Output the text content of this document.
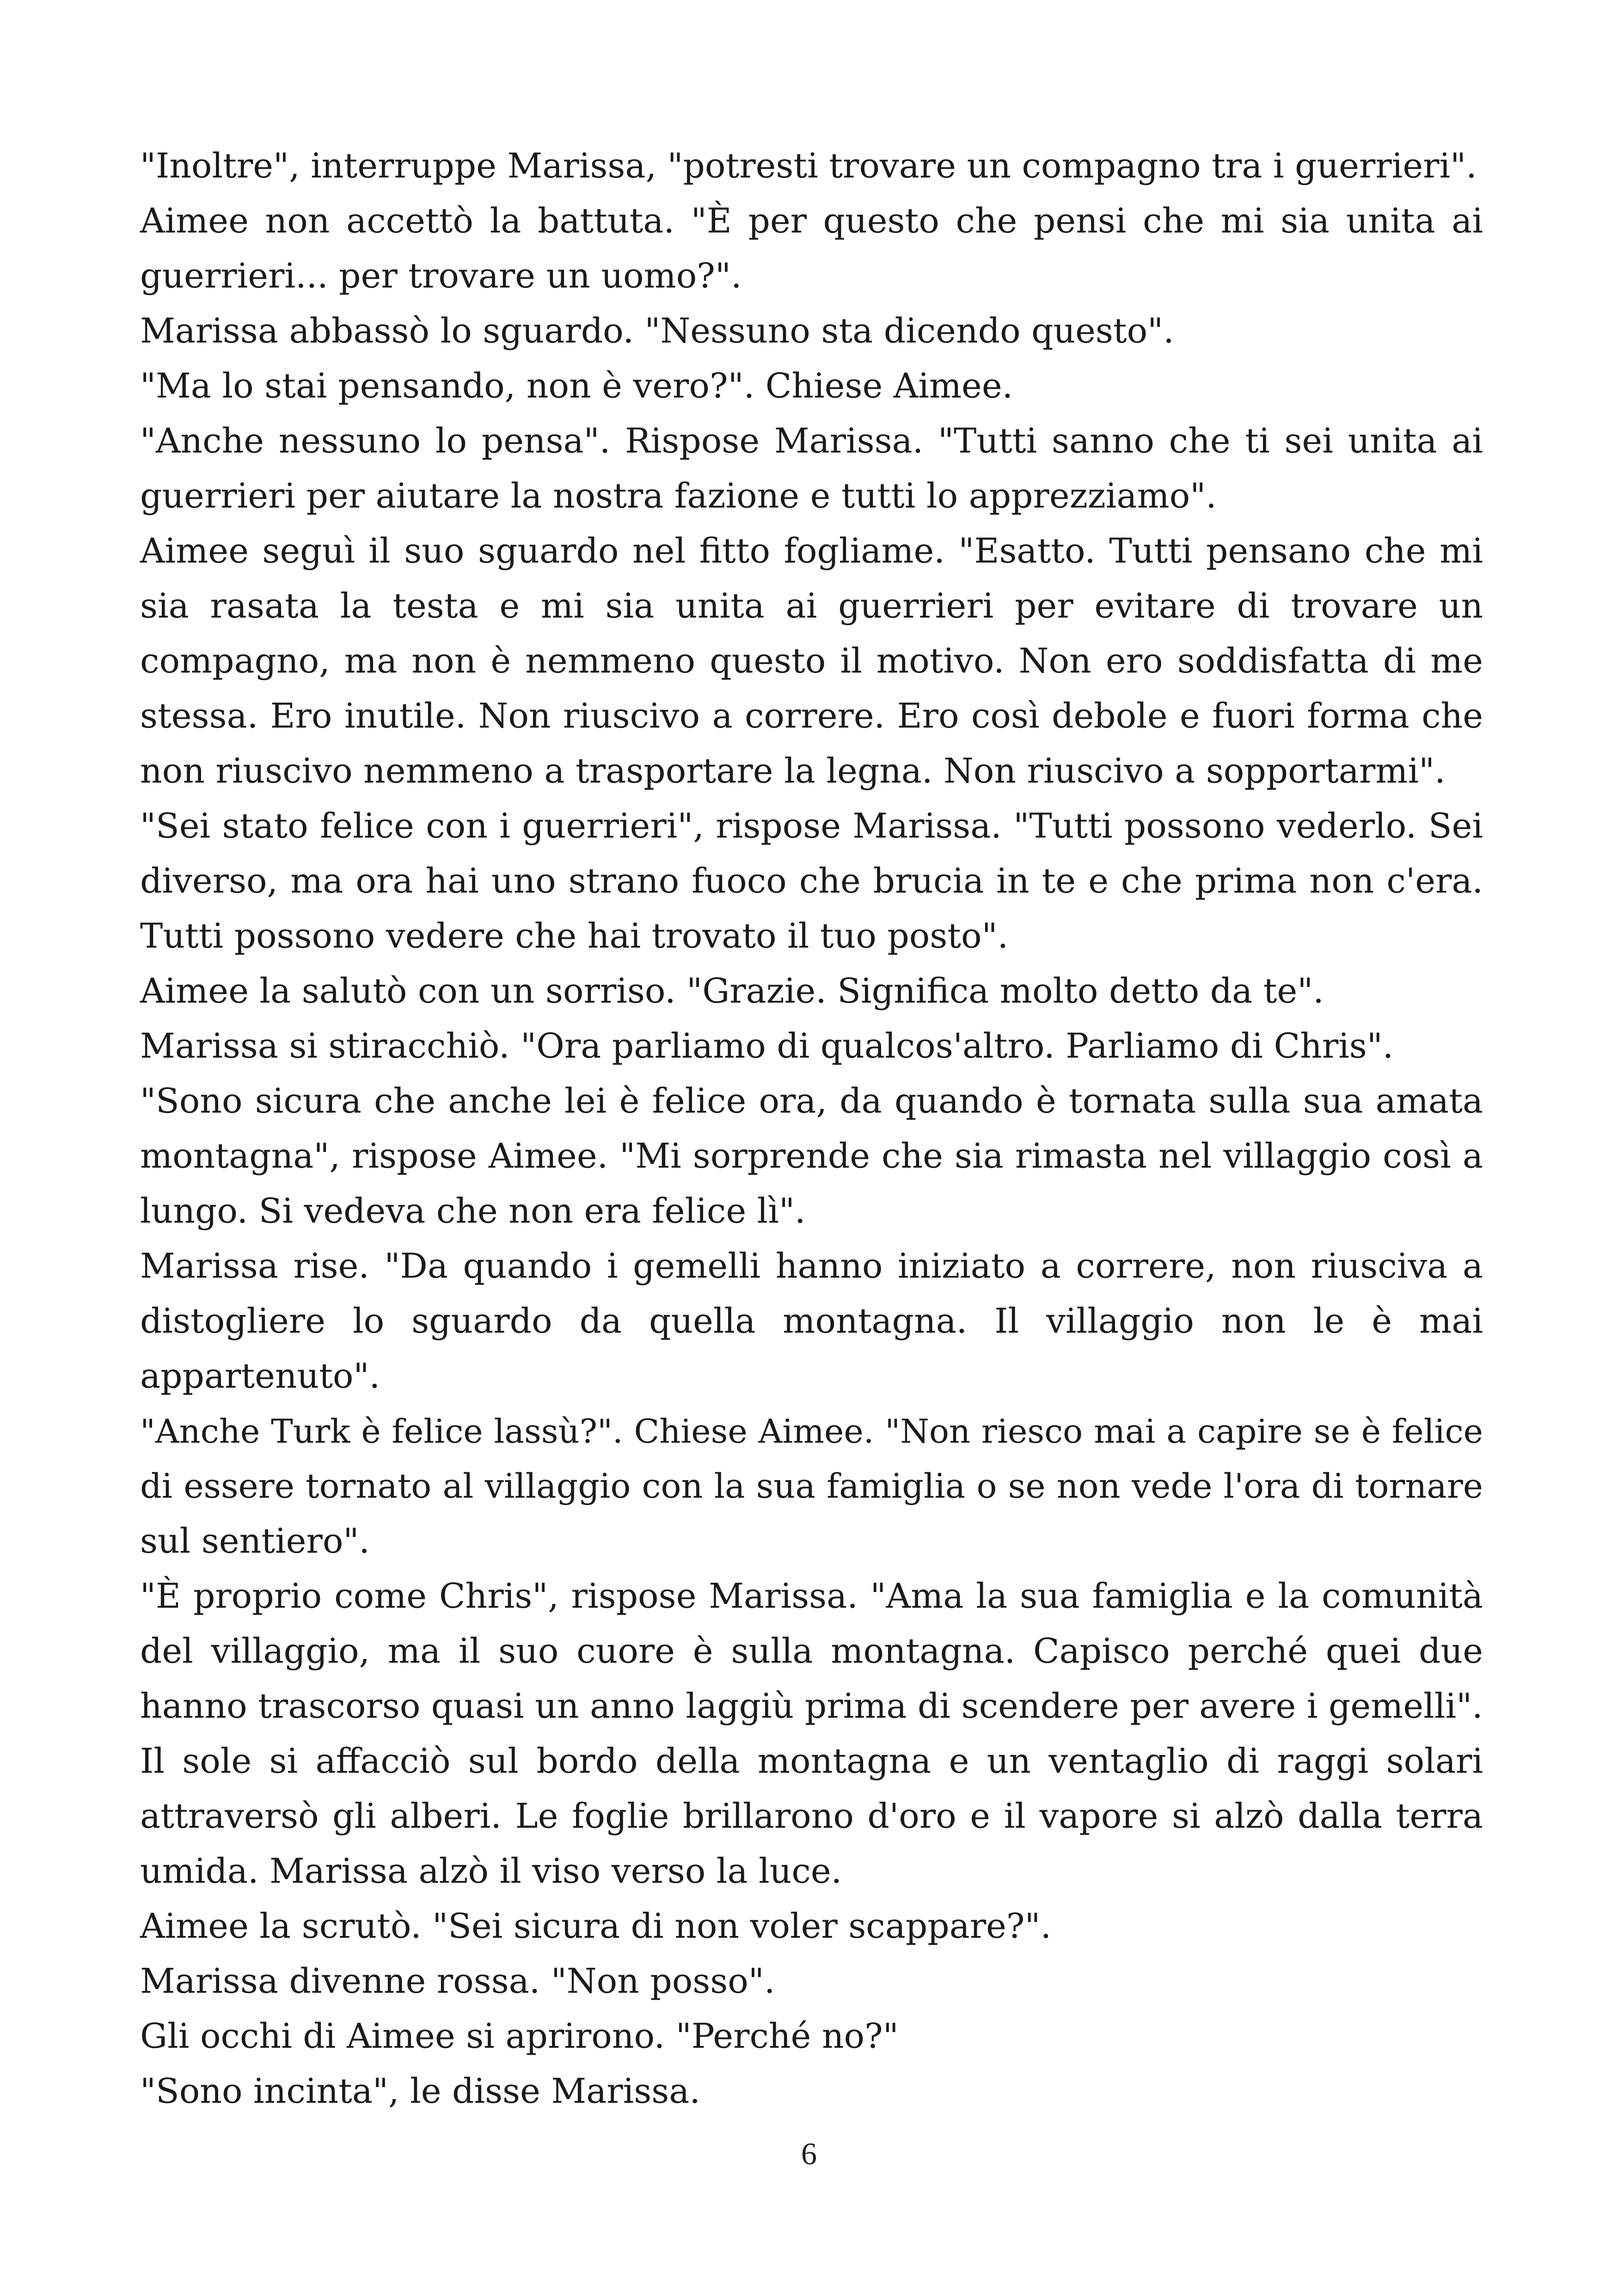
"Inoltre", interruppe Marissa, "potresti trovare un compagno tra i guerrieri".
Aimee non accettò la battuta. "È per questo che pensi che mi sia unita ai
guerrieri... per trovare un uomo?".
Marissa abbassò lo sguardo. "Nessuno sta dicendo questo".
"Ma lo stai pensando, non è vero?". Chiese Aimee.
"Anche nessuno lo pensa". Rispose Marissa. "Tutti sanno che ti sei unita ai
guerrieri per aiutare la nostra fazione e tutti lo apprezziamo".
Aimee seguì il suo sguardo nel fitto fogliame. "Esatto. Tutti pensano che mi
sia rasata la testa e mi sia unita ai guerrieri per evitare di trovare un
compagno, ma non è nemmeno questo il motivo. Non ero soddisfatta di me
stessa. Ero inutile. Non riuscivo a correre. Ero così debole e fuori forma che
non riuscivo nemmeno a trasportare la legna. Non riuscivo a sopportarmi".
"Sei stato felice con i guerrieri", rispose Marissa. "Tutti possono vederlo. Sei
diverso, ma ora hai uno strano fuoco che brucia in te e che prima non c'era.
Tutti possono vedere che hai trovato il tuo posto".
Aimee la salutò con un sorriso. "Grazie. Significa molto detto da te".
Marissa si stiracchiò. "Ora parliamo di qualcos'altro. Parliamo di Chris".
"Sono sicura che anche lei è felice ora, da quando è tornata sulla sua amata
montagna", rispose Aimee. "Mi sorprende che sia rimasta nel villaggio così a
lungo. Si vedeva che non era felice lì".
Marissa rise. "Da quando i gemelli hanno iniziato a correre, non riusciva a
distogliere lo sguardo da quella montagna. Il villaggio non le è mai
appartenuto".
"Anche Turk è felice lassù?". Chiese Aimee. "Non riesco mai a capire se è felice
di essere tornato al villaggio con la sua famiglia o se non vede l'ora di tornare
sul sentiero".
"È proprio come Chris", rispose Marissa. "Ama la sua famiglia e la comunità
del villaggio, ma il suo cuore è sulla montagna. Capisco perché quei due
hanno trascorso quasi un anno laggiù prima di scendere per avere i gemelli".
Il sole si affacciò sul bordo della montagna e un ventaglio di raggi solari
attraversò gli alberi. Le foglie brillarono d'oro e il vapore si alzò dalla terra
umida. Marissa alzò il viso verso la luce.
Aimee la scrutò. "Sei sicura di non voler scappare?".
Marissa divenne rossa. "Non posso".
Gli occhi di Aimee si aprirono. "Perché no?"
"Sono incinta", le disse Marissa.
6
